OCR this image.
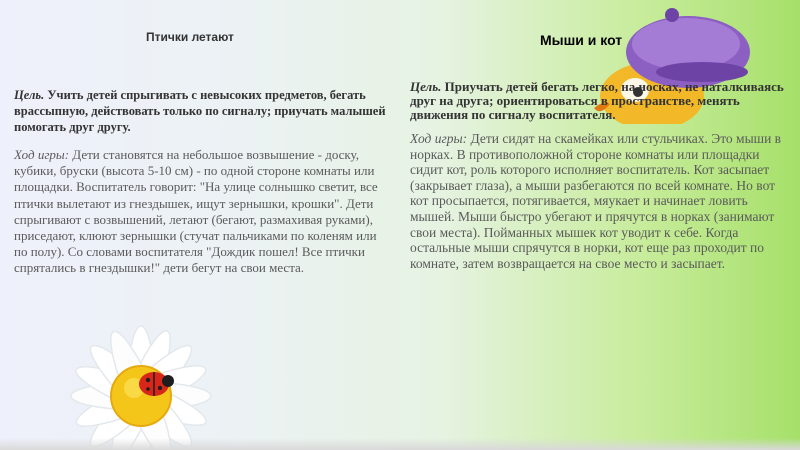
Мыши и кот
Птички летают

Цель. Учить детей спрыгивать с невысоких предметов, бегать врассыпную, действовать только по сигналу; приучать малышей помогать друг другу.

Ход игры: Дети становятся на небольшое возвышение - доску, кубики, бруски (высота 5-10 см) - по одной стороне комнаты или площадки. Воспитатель говорит: "На улице солнышко светит, все птички вылетают из гнездышек, ищут зернышки, крошки". Дети спрыгивают с возвышений, летают (бегают, размахивая руками), приседают, клюют зернышки (стучат пальчиками по коленям или по полу). Со словами воспитателя "Дождик пошел! Все птички спрятались в гнездышки!" дети бегут на свои места.

Цель. Приучать детей бегать легко, на носках, не наталкиваясь друг на друга; ориентироваться в пространстве, менять движения по сигналу воспитателя.

Ход игры: Дети сидят на скамейках или стульчиках. Это мыши в норках. В противоположной стороне комнаты или площадки сидит кот, роль которого исполняет воспитатель. Кот засыпает (закрывает глаза), а мыши разбегаются по всей комнате. Но вот кот просыпается, потягивается, мяукает и начинает ловить мышей. Мыши быстро убегают и прячутся в норках (занимают свои места). Пойманных мышек кот уводит к себе. Когда остальные мыши спрячутся в норки, кот еще раз проходит по комнате, затем возвращается на свое место и засыпает.
